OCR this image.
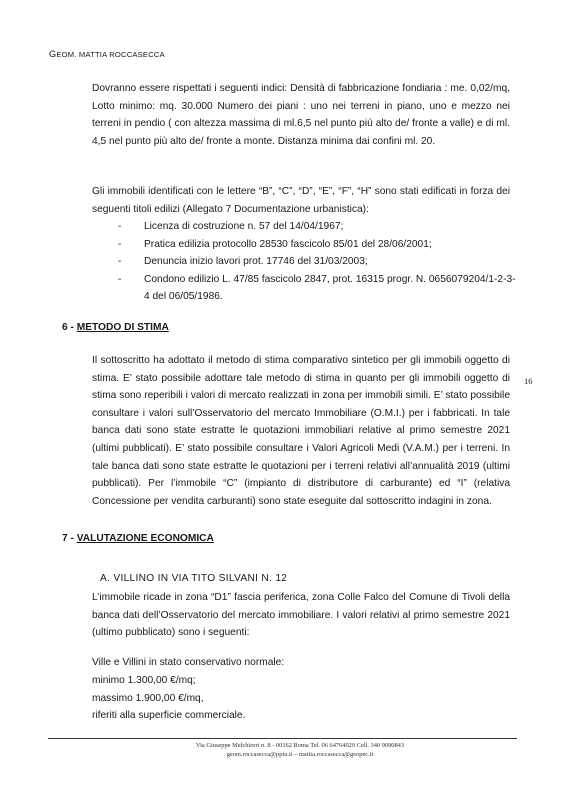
GEOM. MATTIA ROCCASECCA
Dovranno essere rispettati i seguenti indici: Densità di fabbricazione fondiaria : me. 0,02/mq, Lotto minimo: mq. 30.000 Numero dei piani : uno nei terreni in piano, uno e mezzo nei terreni in pendio ( con altezza massima di ml.6,5 nel punto più alto de/ fronte a valle) e di ml. 4,5 nel punto più alto de/ fronte a monte. Distanza minima dai confini ml. 20.
Gli immobili identificati con le lettere “B”, “C”, “D”, “E”, “F”, “H” sono stati edificati in forza dei seguenti titoli edilizi (Allegato 7 Documentazione urbanistica):
- Licenza di costruzione n. 57 del 14/04/1967;
- Pratica edilizia protocollo 28530 fascicolo 85/01 del 28/06/2001;
- Denuncia inizio lavori prot. 17746 del 31/03/2003;
- Condono edilizio L. 47/85 fascicolo 2847, prot. 16315 progr. N. 0656079204/1-2-3-4 del 06/05/1986.
6 - METODO DI STIMA
Il sottoscritto ha adottato il metodo di stima comparativo sintetico per gli immobili oggetto di stima. E’ stato possibile adottare tale metodo di stima in quanto per gli immobili oggetto di stima sono reperibili i valori di mercato realizzati in zona per immobili simili. E’ stato possibile consultare i valori sull’Osservatorio del mercato Immobiliare (O.M.I.) per i fabbricati. In tale banca dati sono state estratte le quotazioni immobiliari relative al primo semestre 2021 (ultimi pubblicati). E’ stato possibile consultare i Valori Agricoli Medi (V.A.M.) per i terreni. In tale banca dati sono state estratte le quotazioni per i terreni relativi all’annualità 2019 (ultimi pubblicati). Per l’immobile “C” (impianto di distributore di carburante) ed “I” (relativa Concessione per vendita carburanti) sono state eseguite dal sottoscritto indagini in zona.
16
7 - VALUTAZIONE ECONOMICA
A. VILLINO IN VIA TITO SILVANI N. 12
L’immobile ricade in zona “D1” fascia periferica, zona Colle Falco del Comune di Tivoli della banca dati dell’Osservatorio del mercato immobiliare. I valori relativi al primo semestre 2021 (ultimo pubblicato) sono i seguenti:
Ville e Villini in stato conservativo normale:
minimo 1.300,00 €/mq;
massimo 1.900,00 €/mq,
riferiti alla superficie commerciale.
Via Giuseppe Melchiorri n. 8 - 00162 Roma Tel. 06 64764029 Cell. 340 9090843
geom.roccasecca@ppiu.it – mattia.roccasecca@geopec.it
